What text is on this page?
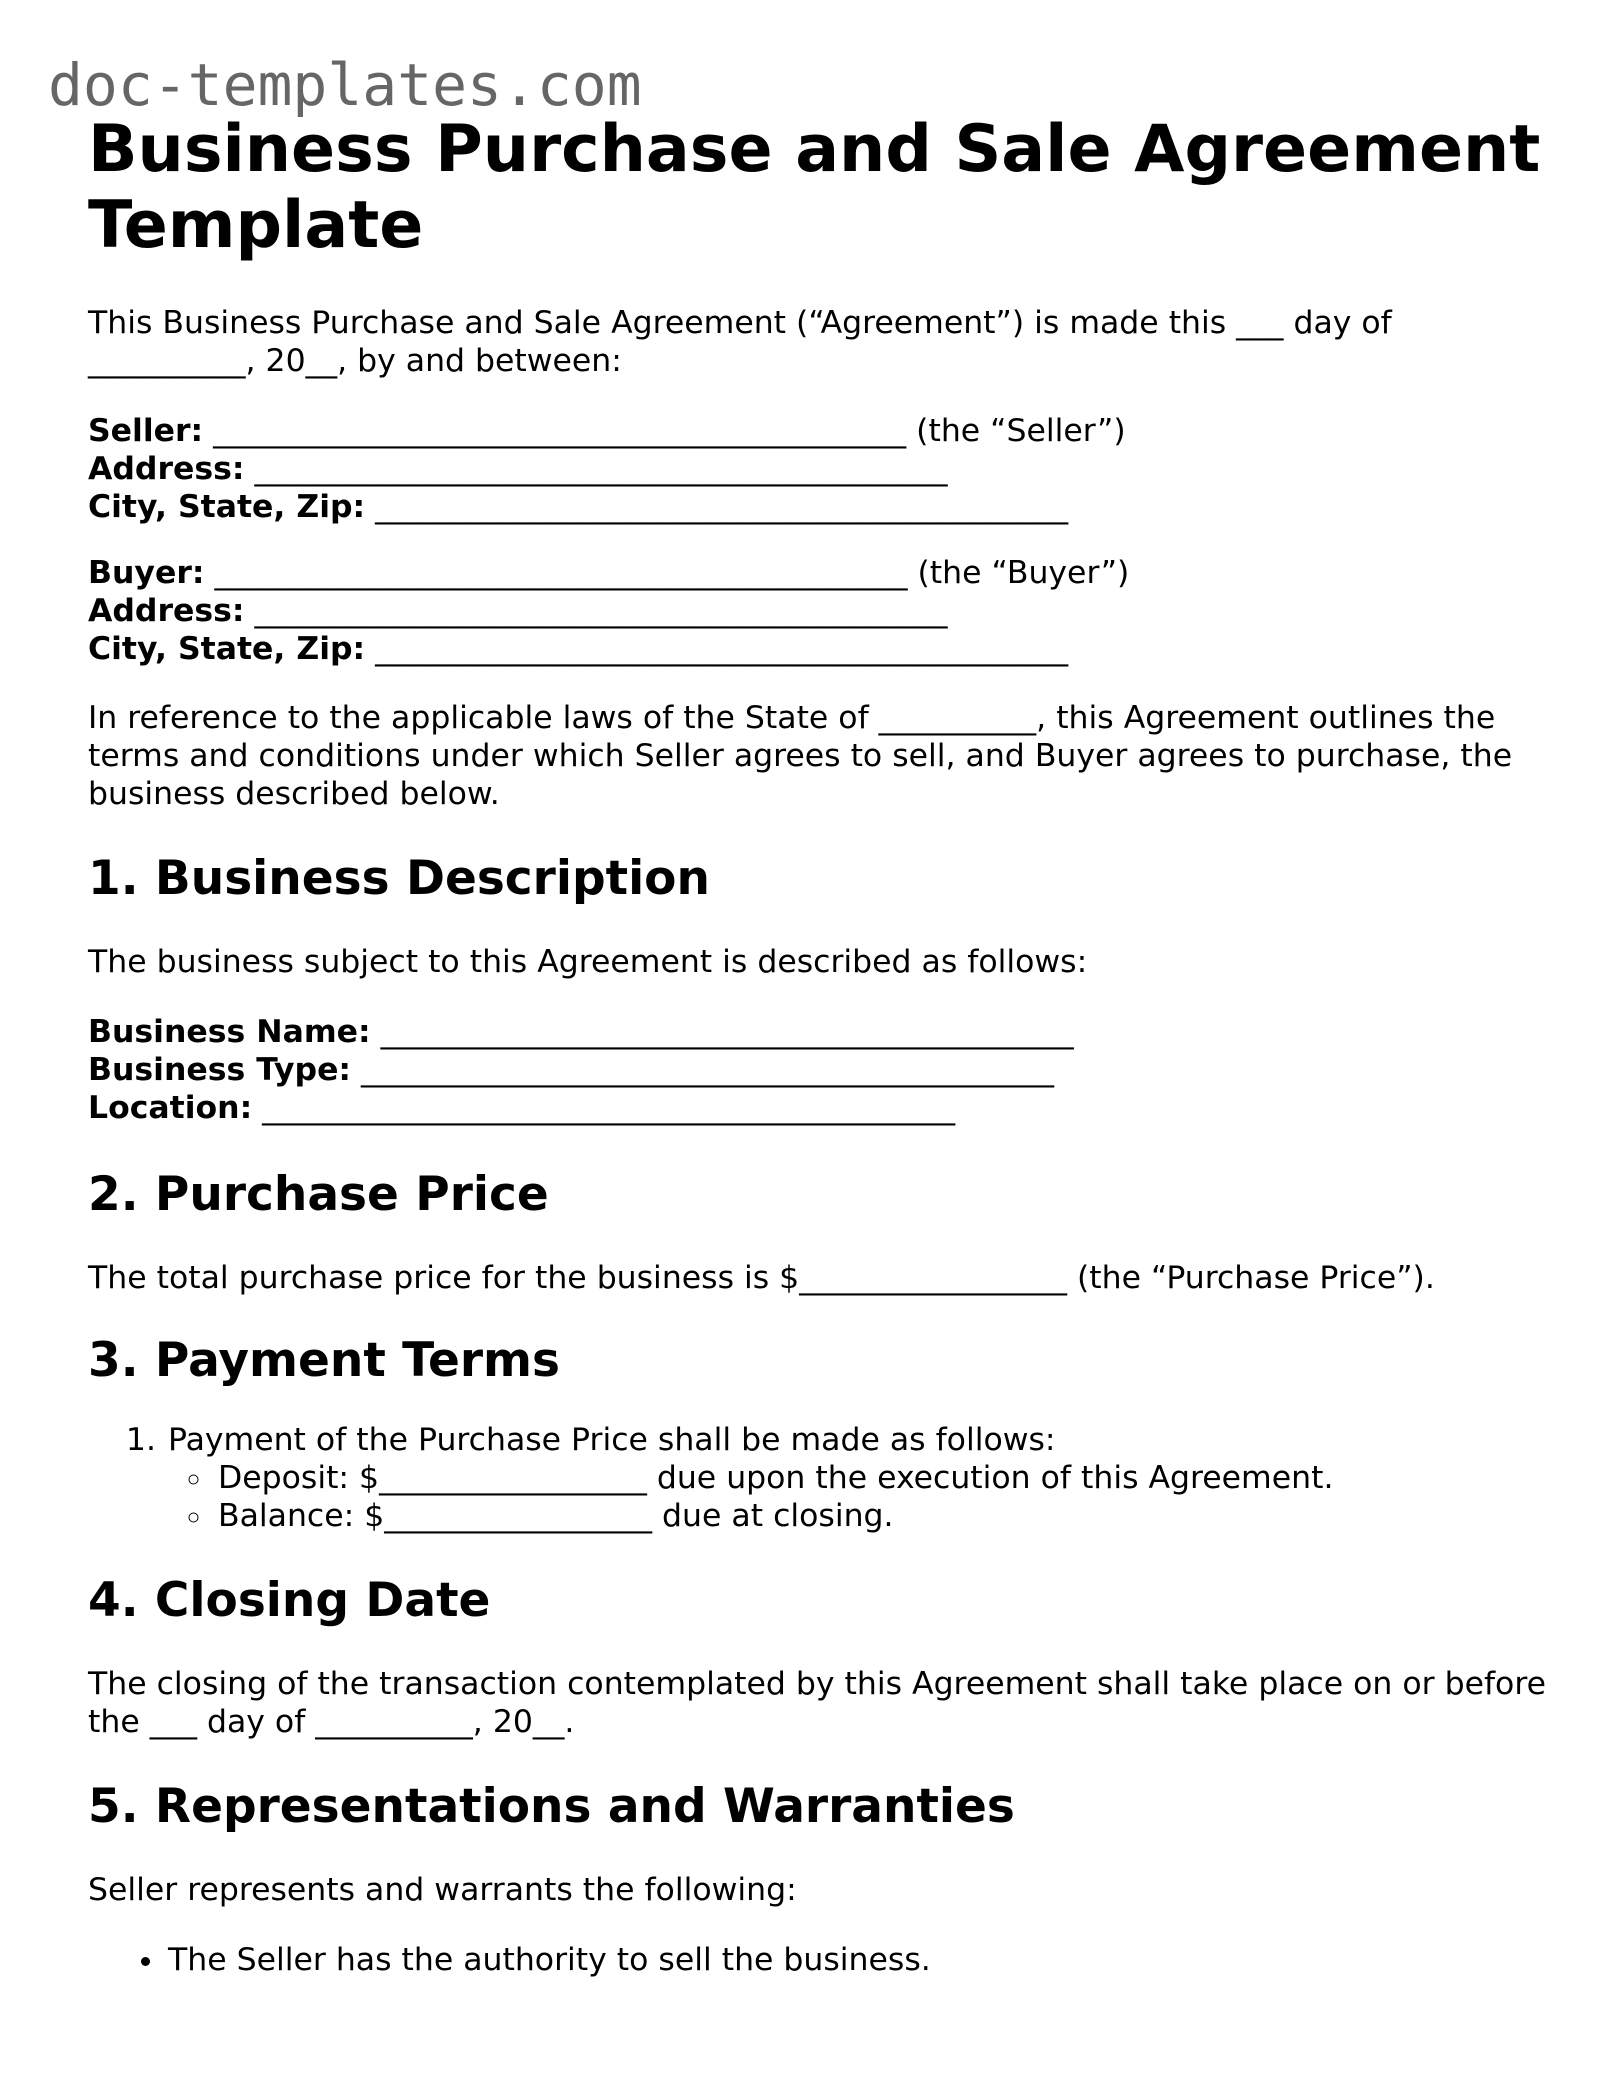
doc-templates.com
Business Purchase and Sale Agreement Template

This Business Purchase and Sale Agreement (“Agreement”) is made this ___ day of __________, 20__, by and between:

Seller: ____________________________________________ (the “Seller”)
Address: ____________________________________________
City, State, Zip: ____________________________________________
Buyer: ____________________________________________ (the “Buyer”)
Address: ____________________________________________
City, State, Zip: ____________________________________________

In reference to the applicable laws of the State of __________, this Agreement outlines the terms and conditions under which Seller agrees to sell, and Buyer agrees to purchase, the business described below.

1. Business Description

The business subject to this Agreement is described as follows:

Business Name: ____________________________________________
Business Type: ____________________________________________
Location: ____________________________________________
2. Purchase Price

The total purchase price for the business is $_________________ (the “Purchase Price”).

3. Payment Terms
1. Payment of the Purchase Price shall be made as follows:
◦ Deposit: $_________________ due upon the execution of this Agreement.
◦ Balance: $_________________ due at closing.
4. Closing Date

The closing of the transaction contemplated by this Agreement shall take place on or before the ___ day of __________, 20__.

5. Representations and Warranties

Seller represents and warrants the following:

• The Seller has the authority to sell the business.
